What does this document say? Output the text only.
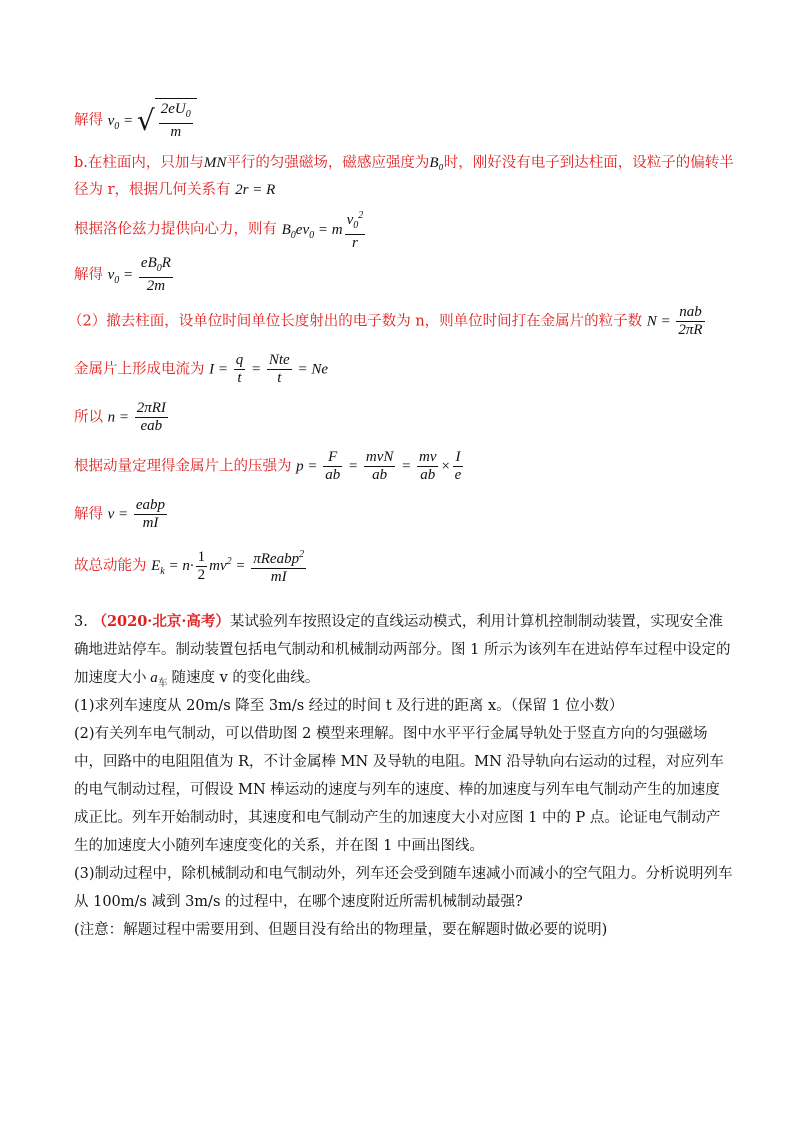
解得 $v_0$ = √ $\frac{2eU_0}{m}$
b.在柱面内，只加与MN平行的匀强磁场，磁感应强度为B₀时，刚好没有电子到达柱面，设粒子的偏转半
径为 r，根据几何关系有 2r = R
根据洛伦兹力提供向心力，则有 $B_0ev_0 = m \frac{v_0^2}{r}$
解得 $v_0 = \frac{eB_0R}{2m}$
（2）撤去柱面，设单位时间单位长度射出的电子数为 n，则单位时间打在金属片的粒子数 $N = \frac{\text{nab}}{2\pi R}$
金属片上形成电流为 $I = \frac{q}{t} = \frac{\text{Nte}}{t} = Ne$
所以 $n = \frac{\text{2πRI}}{\text{eab}}$
根据动量定理得金属片上的压强为 $p = \frac{F}{ab} = \frac{\text{mvN}}{ab} = \frac{mv}{ab} \times \frac{I}{e}$
解得 $v = \frac{\text{eabp}}{mI}$
故总动能为 $E_k = n\cdot \frac{1}{2} mv^2 = \frac{\pi Reabp^2}{mI}$
3. （2020·北京·高考）某试验列车按照设定的直线运动模式，利用计算机控制制动装置，实现安全准确地进站停车。制动装置包括电气制动和机械制动两部分。图 1 所示为该列车在进站停车过程中设定的加速度大小 $a_车$ 随速度 v 的变化曲线。
(1)求列车速度从 20m/s 降至 3m/s 经过的时间 t 及行进的距离 x。（保留 1 位小数）
(2)有关列车电气制动，可以借助图 2 模型来理解。图中水平平行金属导轨处于竖直方向的匀强磁场中，回路中的电阻阻值为 R，不计金属棒 MN 及导轨的电阻。MN 沿导轨向右运动的过程，对应列车的电气制动过程，可假设 MN 棒运动的速度与列车的速度、棒的加速度与列车电气制动产生的加速度成正比。列车开始制动时，其速度和电气制动产生的加速度大小对应图 1 中的 P 点。论证电气制动产生的加速度大小随列车速度变化的关系，并在图 1 中画出图线。
(3)制动过程中，除机械制动和电气制动外，列车还会受到随车速减小而减小的空气阻力。分析说明列车从 100m/s 减到 3m/s 的过程中，在哪个速度附近所需机械制动最强?
(注意：解题过程中需要用到、但题目没有给出的物理量，要在解题时做必要的说明)
